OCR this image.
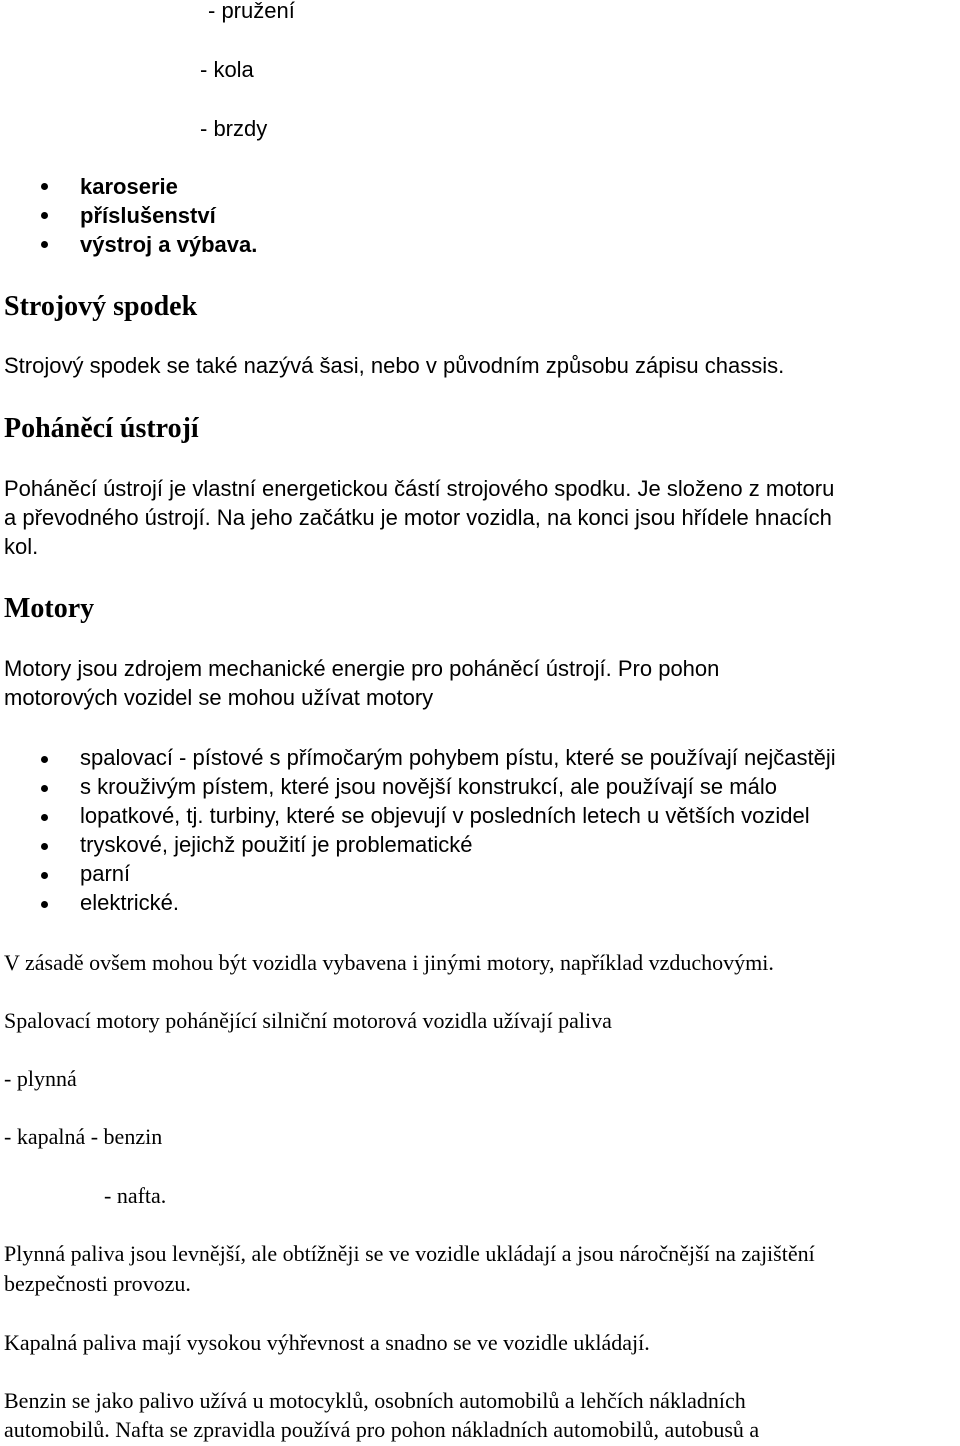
- pružení
- kola
- brzdy
karoserie
příslušenství
výstroj a výbava.
Strojový spodek
Strojový spodek se také nazývá šasi, nebo v původním způsobu zápisu chassis.
Poháněcí ústrojí
Poháněcí ústrojí je vlastní energetickou částí strojového spodku. Je složeno z motoru
a převodného ústrojí. Na jeho začátku je motor vozidla, na konci jsou hřídele hnacích
kol.
Motory
Motory jsou zdrojem mechanické energie pro poháněcí ústrojí. Pro pohon
motorových vozidel se mohou užívat motory
spalovací - pístové s přímočarým pohybem pístu, které se používají nejčastěji
s krouživým pístem, které jsou novější konstrukcí, ale používají se málo
lopatkové, tj. turbiny, které se objevují v posledních letech u větších vozidel
tryskové, jejichž použití je problematické
parní
elektrické.
V zásadě ovšem mohou být vozidla vybavena i jinými motory, například vzduchovými.
Spalovací motory pohánějící silniční motorová vozidla užívají paliva
- plynná
- kapalná - benzin
- nafta.
Plynná paliva jsou levnější, ale obtížněji se ve vozidle ukládají a jsou náročnější na zajištění
bezpečnosti provozu.
Kapalná paliva mají vysokou výhřevnost a snadno se ve vozidle ukládají.
Benzin se jako palivo užívá u motocyklů, osobních automobilů a lehčích nákladních
automobilů. Nafta se zpravidla používá pro pohon nákladních automobilů, autobusů a
